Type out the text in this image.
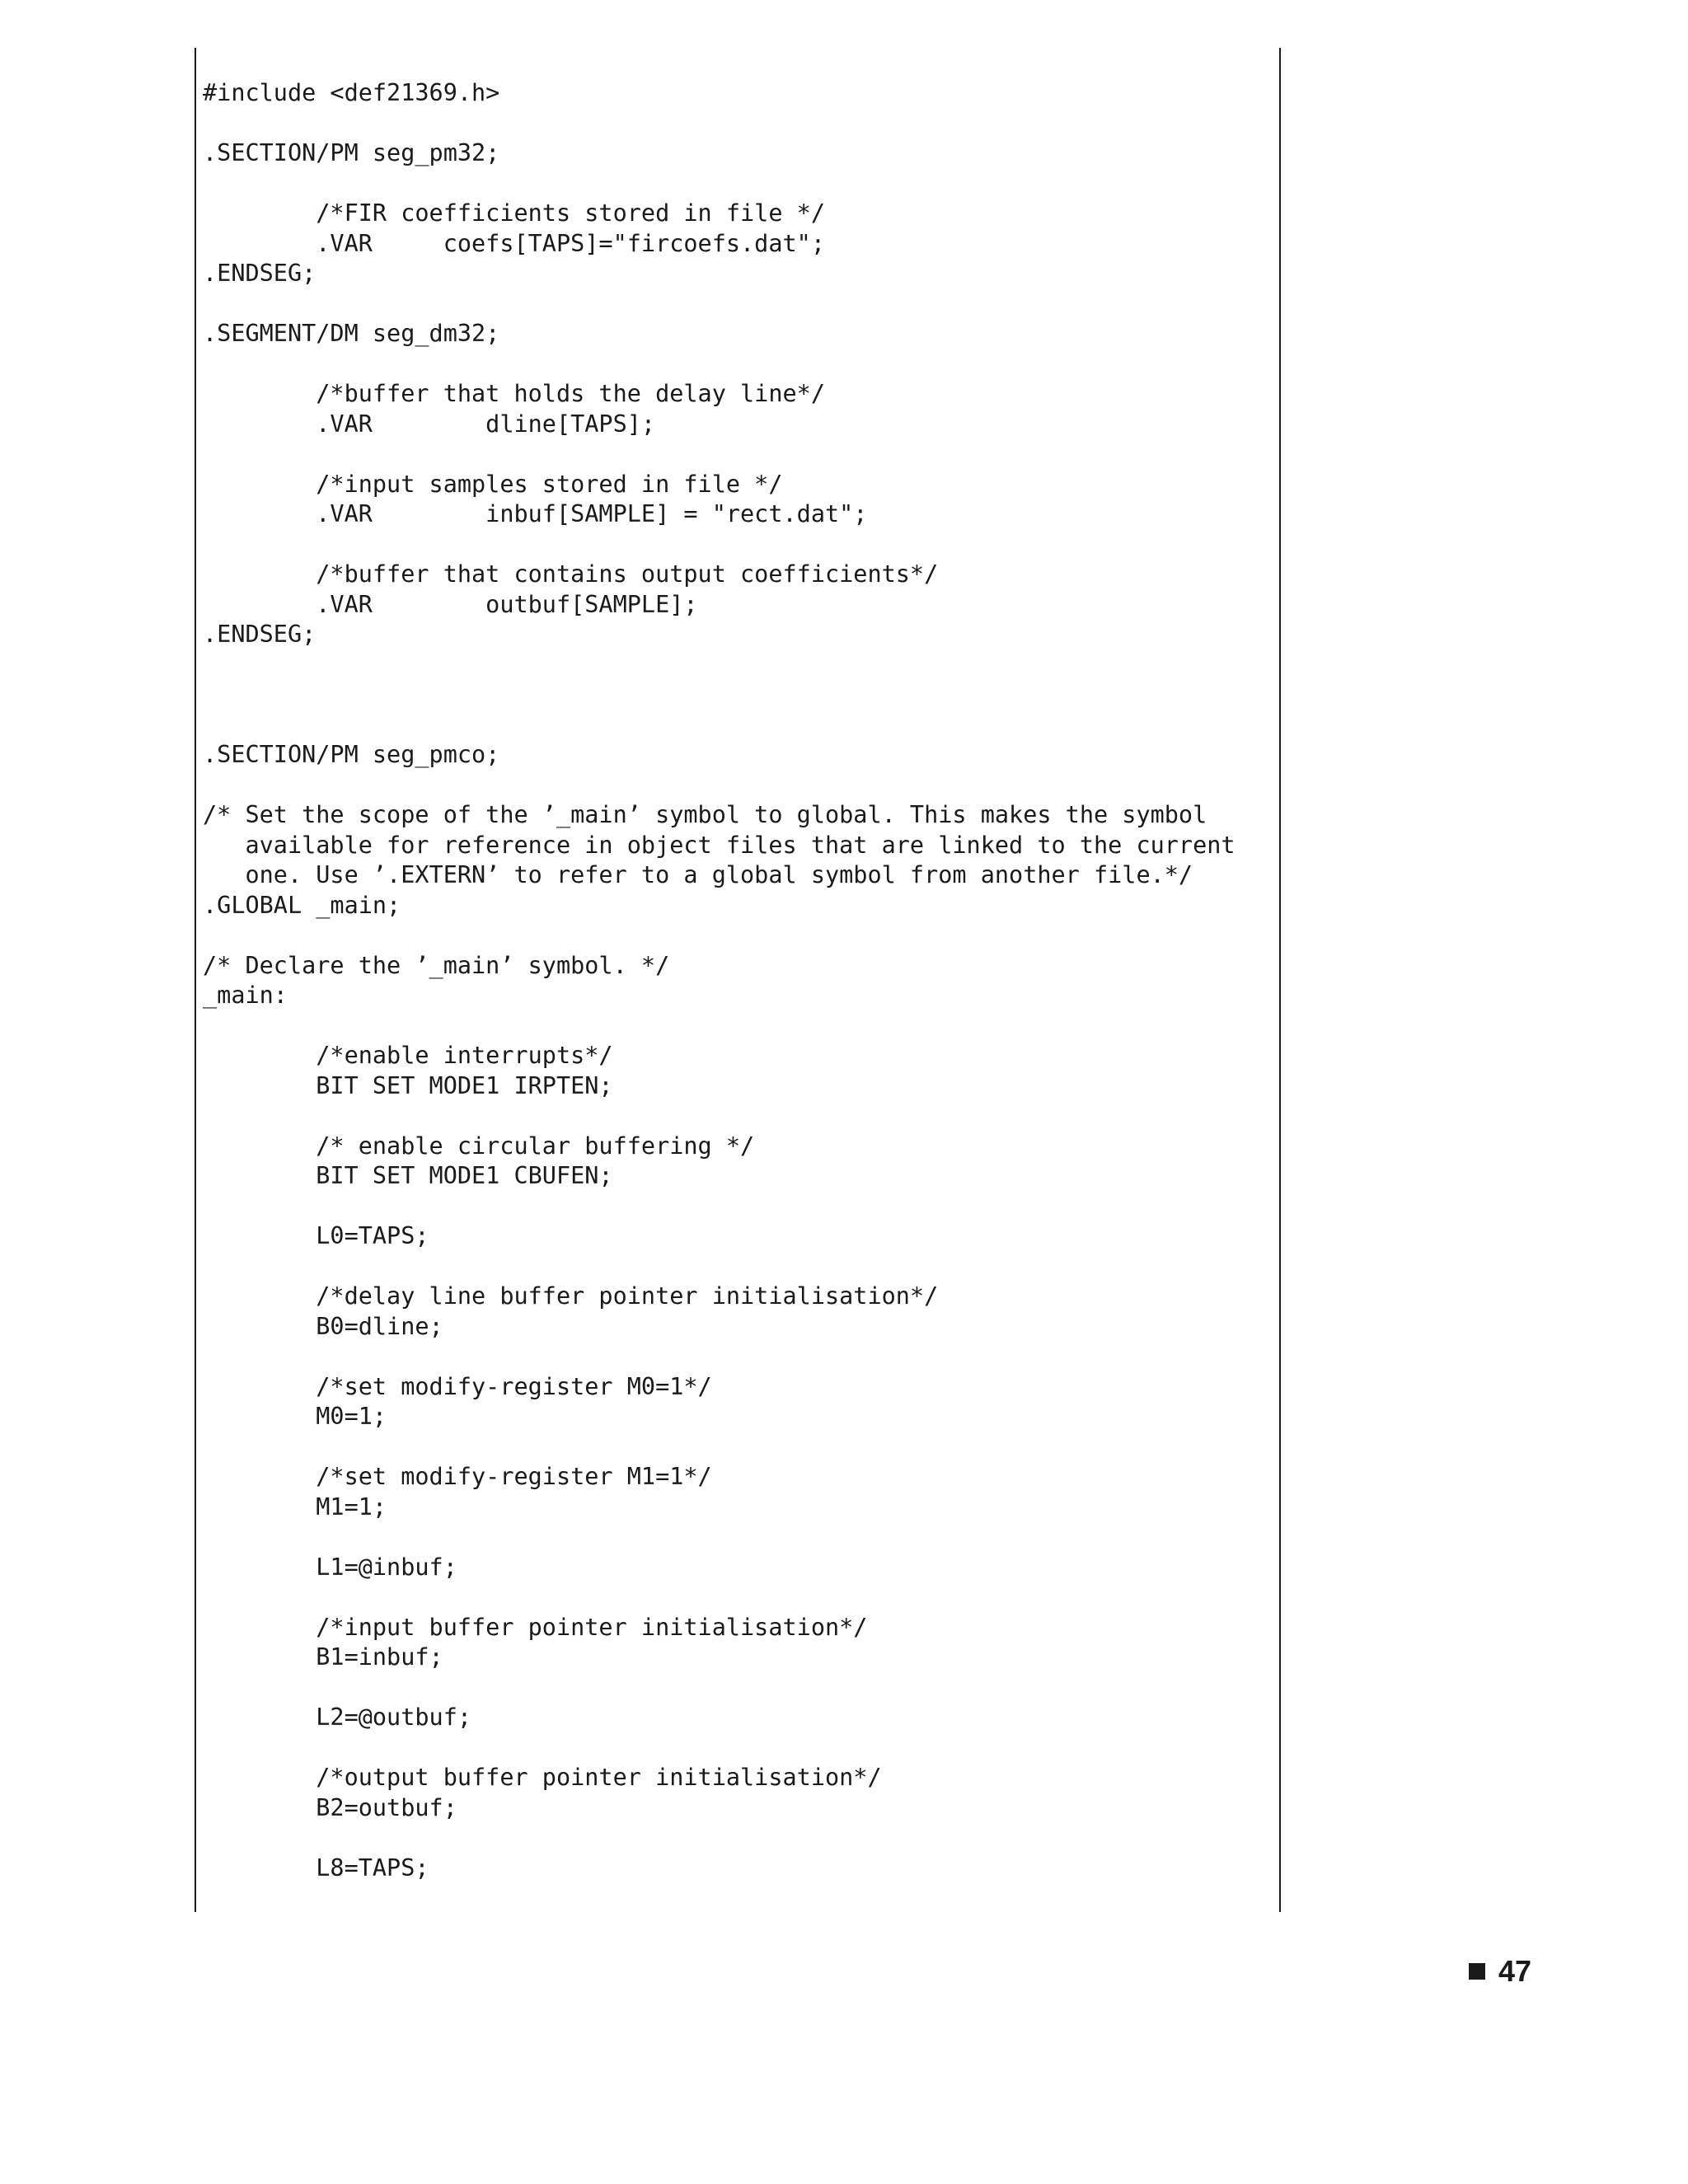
#include <def21369.h>
.SECTION/PM seg_pm32;
/*FIR coefficients stored in file */
.VAR     coefs[TAPS]="fircoefs.dat";
.ENDSEG;
.SEGMENT/DM seg_dm32;
/*buffer that holds the delay line*/
.VAR        dline[TAPS];
/*input samples stored in file */
.VAR        inbuf[SAMPLE] = "rect.dat";
/*buffer that contains output coefficients*/
.VAR        outbuf[SAMPLE];
.ENDSEG;
.SECTION/PM seg_pmco;
/* Set the scope of the ’_main’ symbol to global. This makes the symbol
available for reference in object files that are linked to the current
one. Use ’.EXTERN’ to refer to a global symbol from another file.*/
.GLOBAL _main;
/* Declare the ’_main’ symbol. */
_main:
/*enable interrupts*/
BIT SET MODE1 IRPTEN;
/* enable circular buffering */
BIT SET MODE1 CBUFEN;
L0=TAPS;
/*delay line buffer pointer initialisation*/
B0=dline;
/*set modify-register M0=1*/
M0=1;
/*set modify-register M1=1*/
M1=1;
L1=@inbuf;
/*input buffer pointer initialisation*/
B1=inbuf;
L2=@outbuf;
/*output buffer pointer initialisation*/
B2=outbuf;
L8=TAPS;
47
